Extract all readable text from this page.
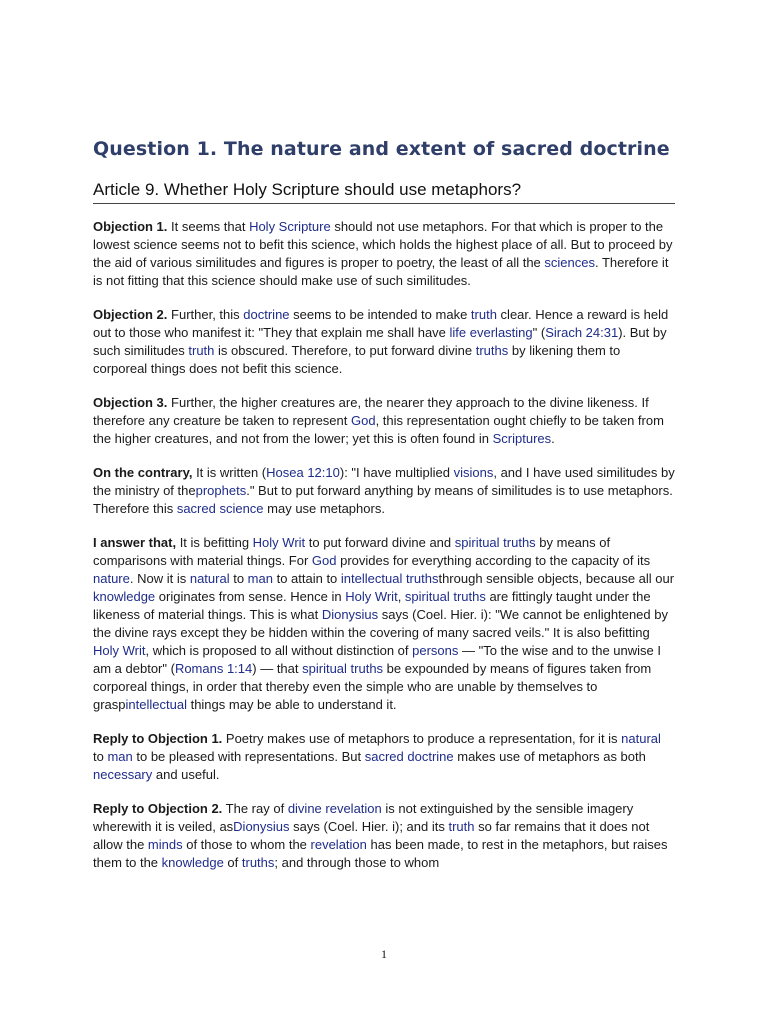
Question 1. The nature and extent of sacred doctrine
Article 9. Whether Holy Scripture should use metaphors?

Objection 1. It seems that Holy Scripture should not use metaphors. For that which is proper to the lowest science seems not to befit this science, which holds the highest place of all. But to proceed by the aid of various similitudes and figures is proper to poetry, the least of all the sciences. Therefore it is not fitting that this science should make use of such similitudes.

Objection 2. Further, this doctrine seems to be intended to make truth clear. Hence a reward is held out to those who manifest it: "They that explain me shall have life everlasting" (Sirach 24:31). But by such similitudes truth is obscured. Therefore, to put forward divine truths by likening them to corporeal things does not befit this science.

Objection 3. Further, the higher creatures are, the nearer they approach to the divine likeness. If therefore any creature be taken to represent God, this representation ought chiefly to be taken from the higher creatures, and not from the lower; yet this is often found in Scriptures.

On the contrary, It is written (Hosea 12:10): "I have multiplied visions, and I have used similitudes by the ministry of theprophets." But to put forward anything by means of similitudes is to use metaphors. Therefore this sacred science may use metaphors.

I answer that, It is befitting Holy Writ to put forward divine and spiritual truths by means of comparisons with material things. For God provides for everything according to the capacity of its nature. Now it is natural to man to attain to intellectual truthsthrough sensible objects, because all our knowledge originates from sense. Hence in Holy Writ, spiritual truths are fittingly taught under the likeness of material things. This is what Dionysius says (Coel. Hier. i): "We cannot be enlightened by the divine rays except they be hidden within the covering of many sacred veils." It is also befitting Holy Writ, which is proposed to all without distinction of persons — "To the wise and to the unwise I am a debtor" (Romans 1:14) — that spiritual truths be expounded by means of figures taken from corporeal things, in order that thereby even the simple who are unable by themselves to graspintellectual things may be able to understand it.

Reply to Objection 1. Poetry makes use of metaphors to produce a representation, for it is natural to man to be pleased with representations. But sacred doctrine makes use of metaphors as both necessary and useful.

Reply to Objection 2. The ray of divine revelation is not extinguished by the sensible imagery wherewith it is veiled, asDionysius says (Coel. Hier. i); and its truth so far remains that it does not allow the minds of those to whom the revelation has been made, to rest in the metaphors, but raises them to the knowledge of truths; and through those to whom

1
